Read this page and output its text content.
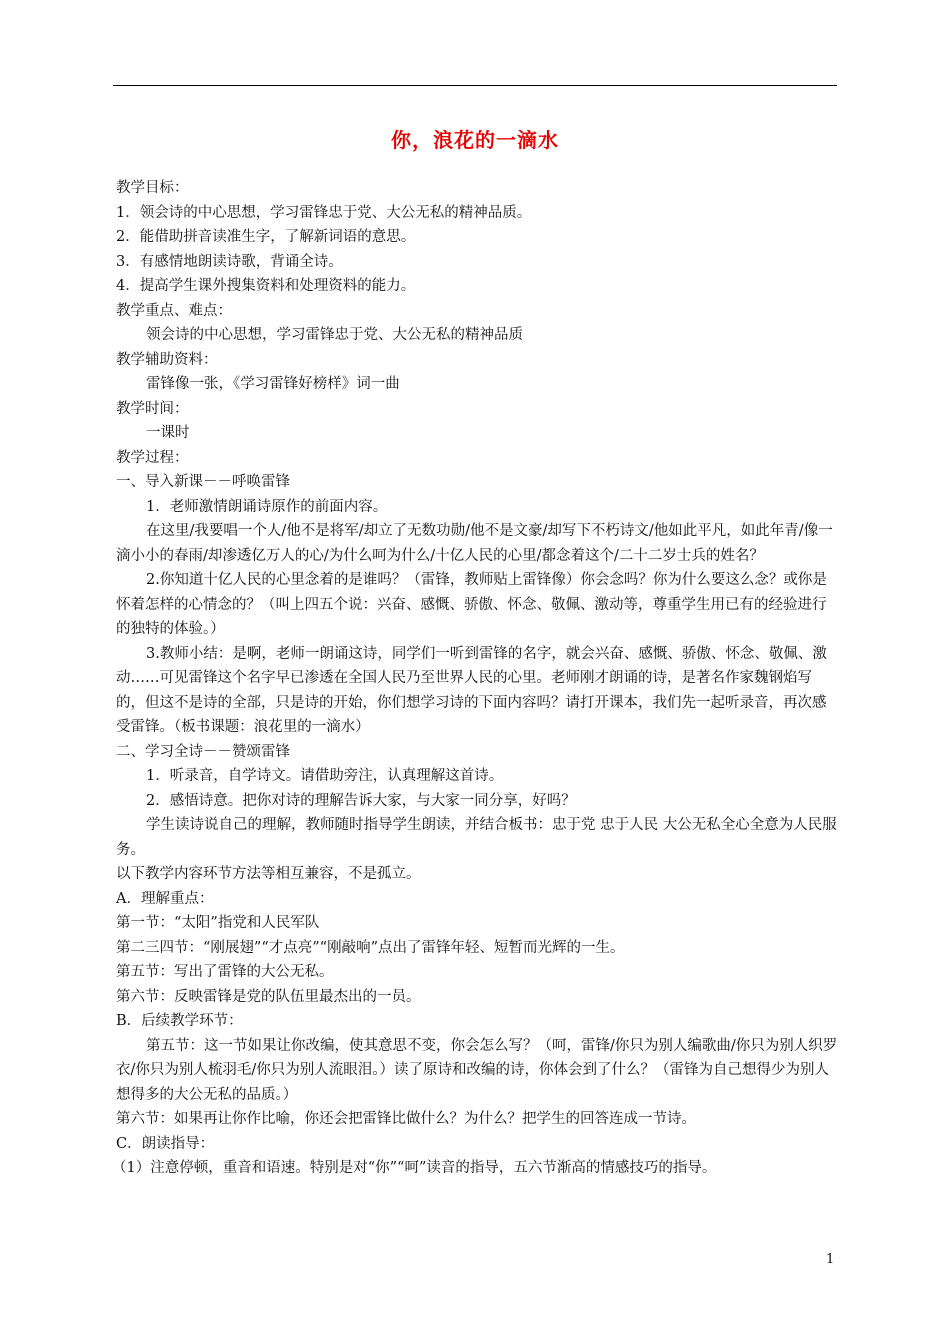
你，浪花的一滴水

教学目标：

1．领会诗的中心思想，学习雷锋忠于党、大公无私的精神品质。

2．能借助拼音读准生字，了解新词语的意思。

3．有感情地朗读诗歌，背诵全诗。

4．提高学生课外搜集资料和处理资料的能力。

教学重点、难点：

领会诗的中心思想，学习雷锋忠于党、大公无私的精神品质

教学辅助资料：

雷锋像一张，《学习雷锋好榜样》词一曲

教学时间：

一课时

教学过程：

一、导入新课－－呼唤雷锋

1．老师激情朗诵诗原作的前面内容。

在这里/我要唱一个人/他不是将军/却立了无数功勋/他不是文豪/却写下不朽诗文/他如此平凡，如此年青/像一滴小小的春雨/却渗透亿万人的心/为什么呵为什么/十亿人民的心里/都念着这个/二十二岁士兵的姓名？

2.你知道十亿人民的心里念着的是谁吗？（雷锋，教师贴上雷锋像）你会念吗？你为什么要这么念？或你是怀着怎样的心情念的？（叫上四五个说：兴奋、感慨、骄傲、怀念、敬佩、激动等，尊重学生用已有的经验进行的独特的体验。）

3.教师小结：是啊，老师一朗诵这诗，同学们一听到雷锋的名字，就会兴奋、感慨、骄傲、怀念、敬佩、激动……可见雷锋这个名字早已渗透在全国人民乃至世界人民的心里。老师刚才朗诵的诗，是著名作家魏钢焰写的，但这不是诗的全部，只是诗的开始，你们想学习诗的下面内容吗？请打开课本，我们先一起听录音，再次感受雷锋。（板书课题：浪花里的一滴水）

二、学习全诗－－赞颂雷锋

1．听录音，自学诗文。请借助旁注，认真理解这首诗。

2．感悟诗意。把你对诗的理解告诉大家，与大家一同分享，好吗？

学生读诗说自己的理解，教师随时指导学生朗读，并结合板书：忠于党 忠于人民 大公无私全心全意为人民服务。

以下教学内容环节方法等相互兼容，不是孤立。

A．理解重点：

第一节：“太阳”指党和人民军队

第二三四节：“刚展翅”“才点亮”“刚敲响”点出了雷锋年轻、短暂而光辉的一生。

第五节：写出了雷锋的大公无私。

第六节：反映雷锋是党的队伍里最杰出的一员。

B．后续教学环节：

第五节：这一节如果让你改编，使其意思不变，你会怎么写？（呵，雷锋/你只为别人编歌曲/你只为别人织罗衣/你只为别人梳羽毛/你只为别人流眼泪。）读了原诗和改编的诗，你体会到了什么？（雷锋为自己想得少为别人想得多的大公无私的品质。）

第六节：如果再让你作比喻，你还会把雷锋比做什么？为什么？把学生的回答连成一节诗。

C．朗读指导：

（1）注意停顿，重音和语速。特别是对“你”“呵”读音的指导，五六节渐高的情感技巧的指导。

1
